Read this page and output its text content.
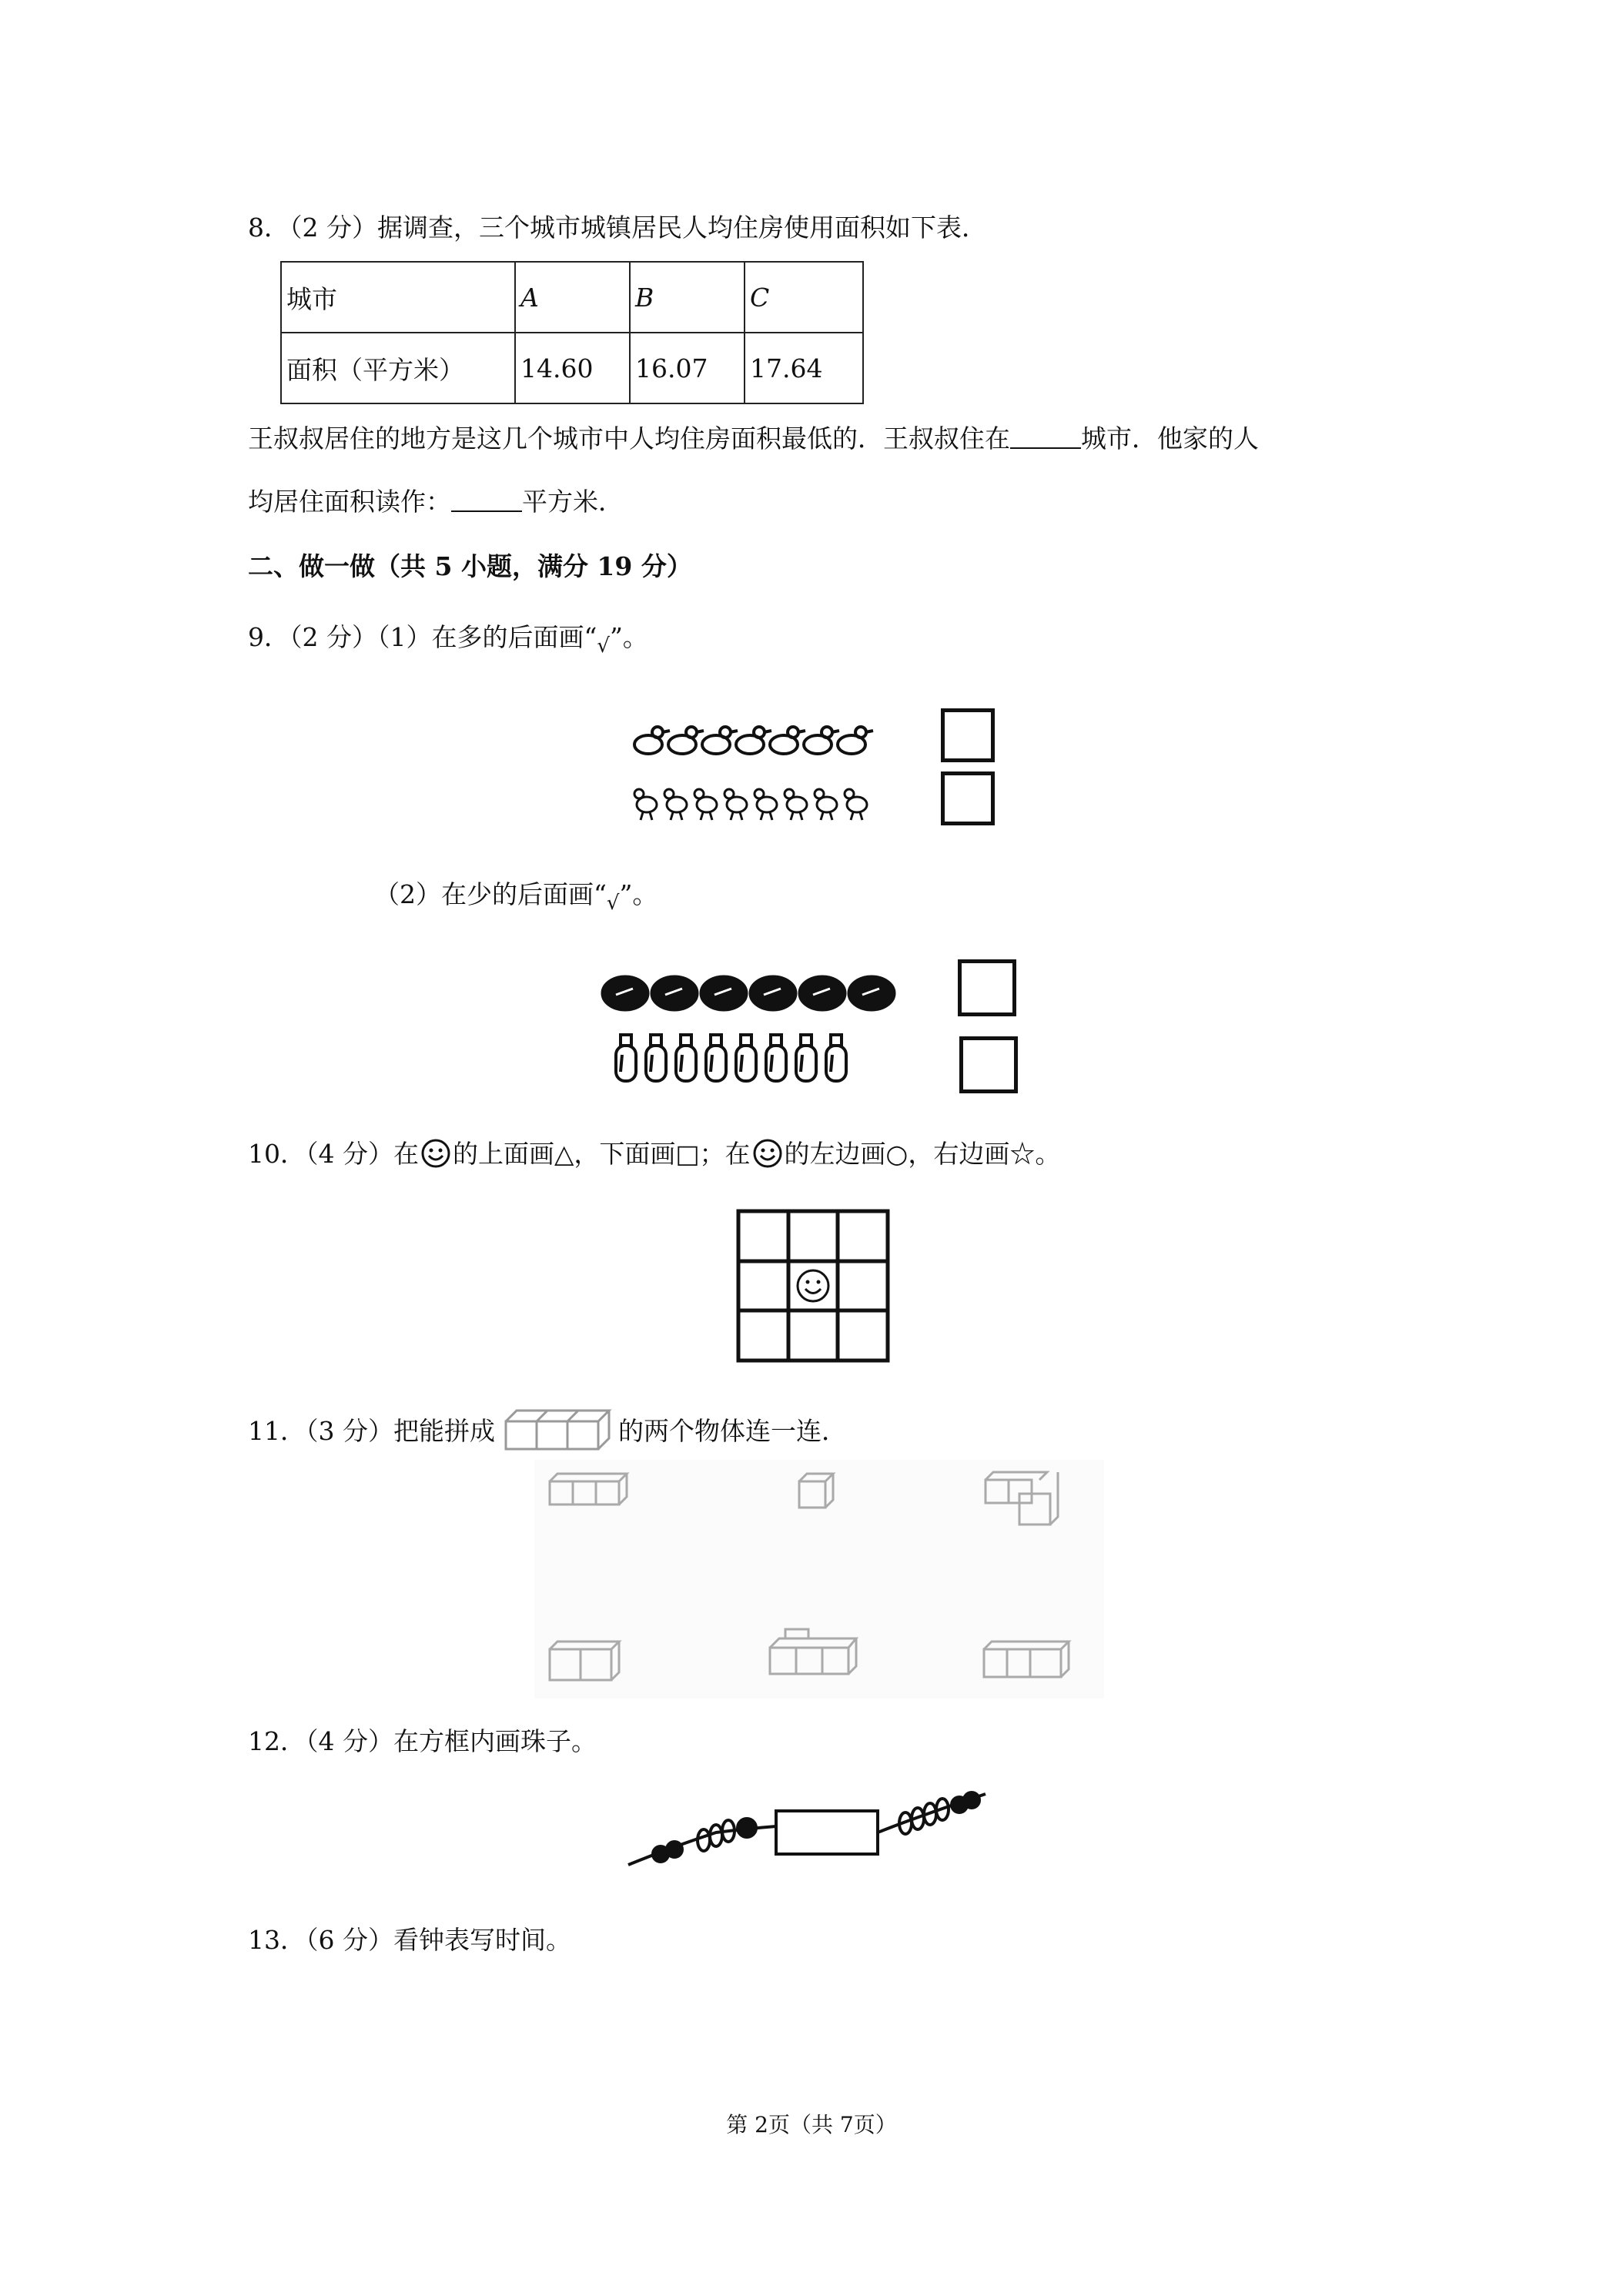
8．（2 分）据调查，三个城市城镇居民人均住房使用面积如下表．
城市	A	B	C
面积（平方米）	14.60	16.07	17.64
王叔叔居住的地方是这几个城市中人均住房面积最低的．王叔叔住在	城市．他家的人
均居住面积读作：	平方米．
二、做一做（共 5 小题，满分 19 分）
9．（2 分）（1）在多的后面画“$_√$”。
（2）在少的后面画“$_√$”。
10．（4 分）在 的上面画△，下面画□；在 的左边画○，右边画☆。
11．（3 分）把能拼成	的两个物体连一连．
12．（4 分）在方框内画珠子。
13．（6 分）看钟表写时间。
第 2页（共 7页）
